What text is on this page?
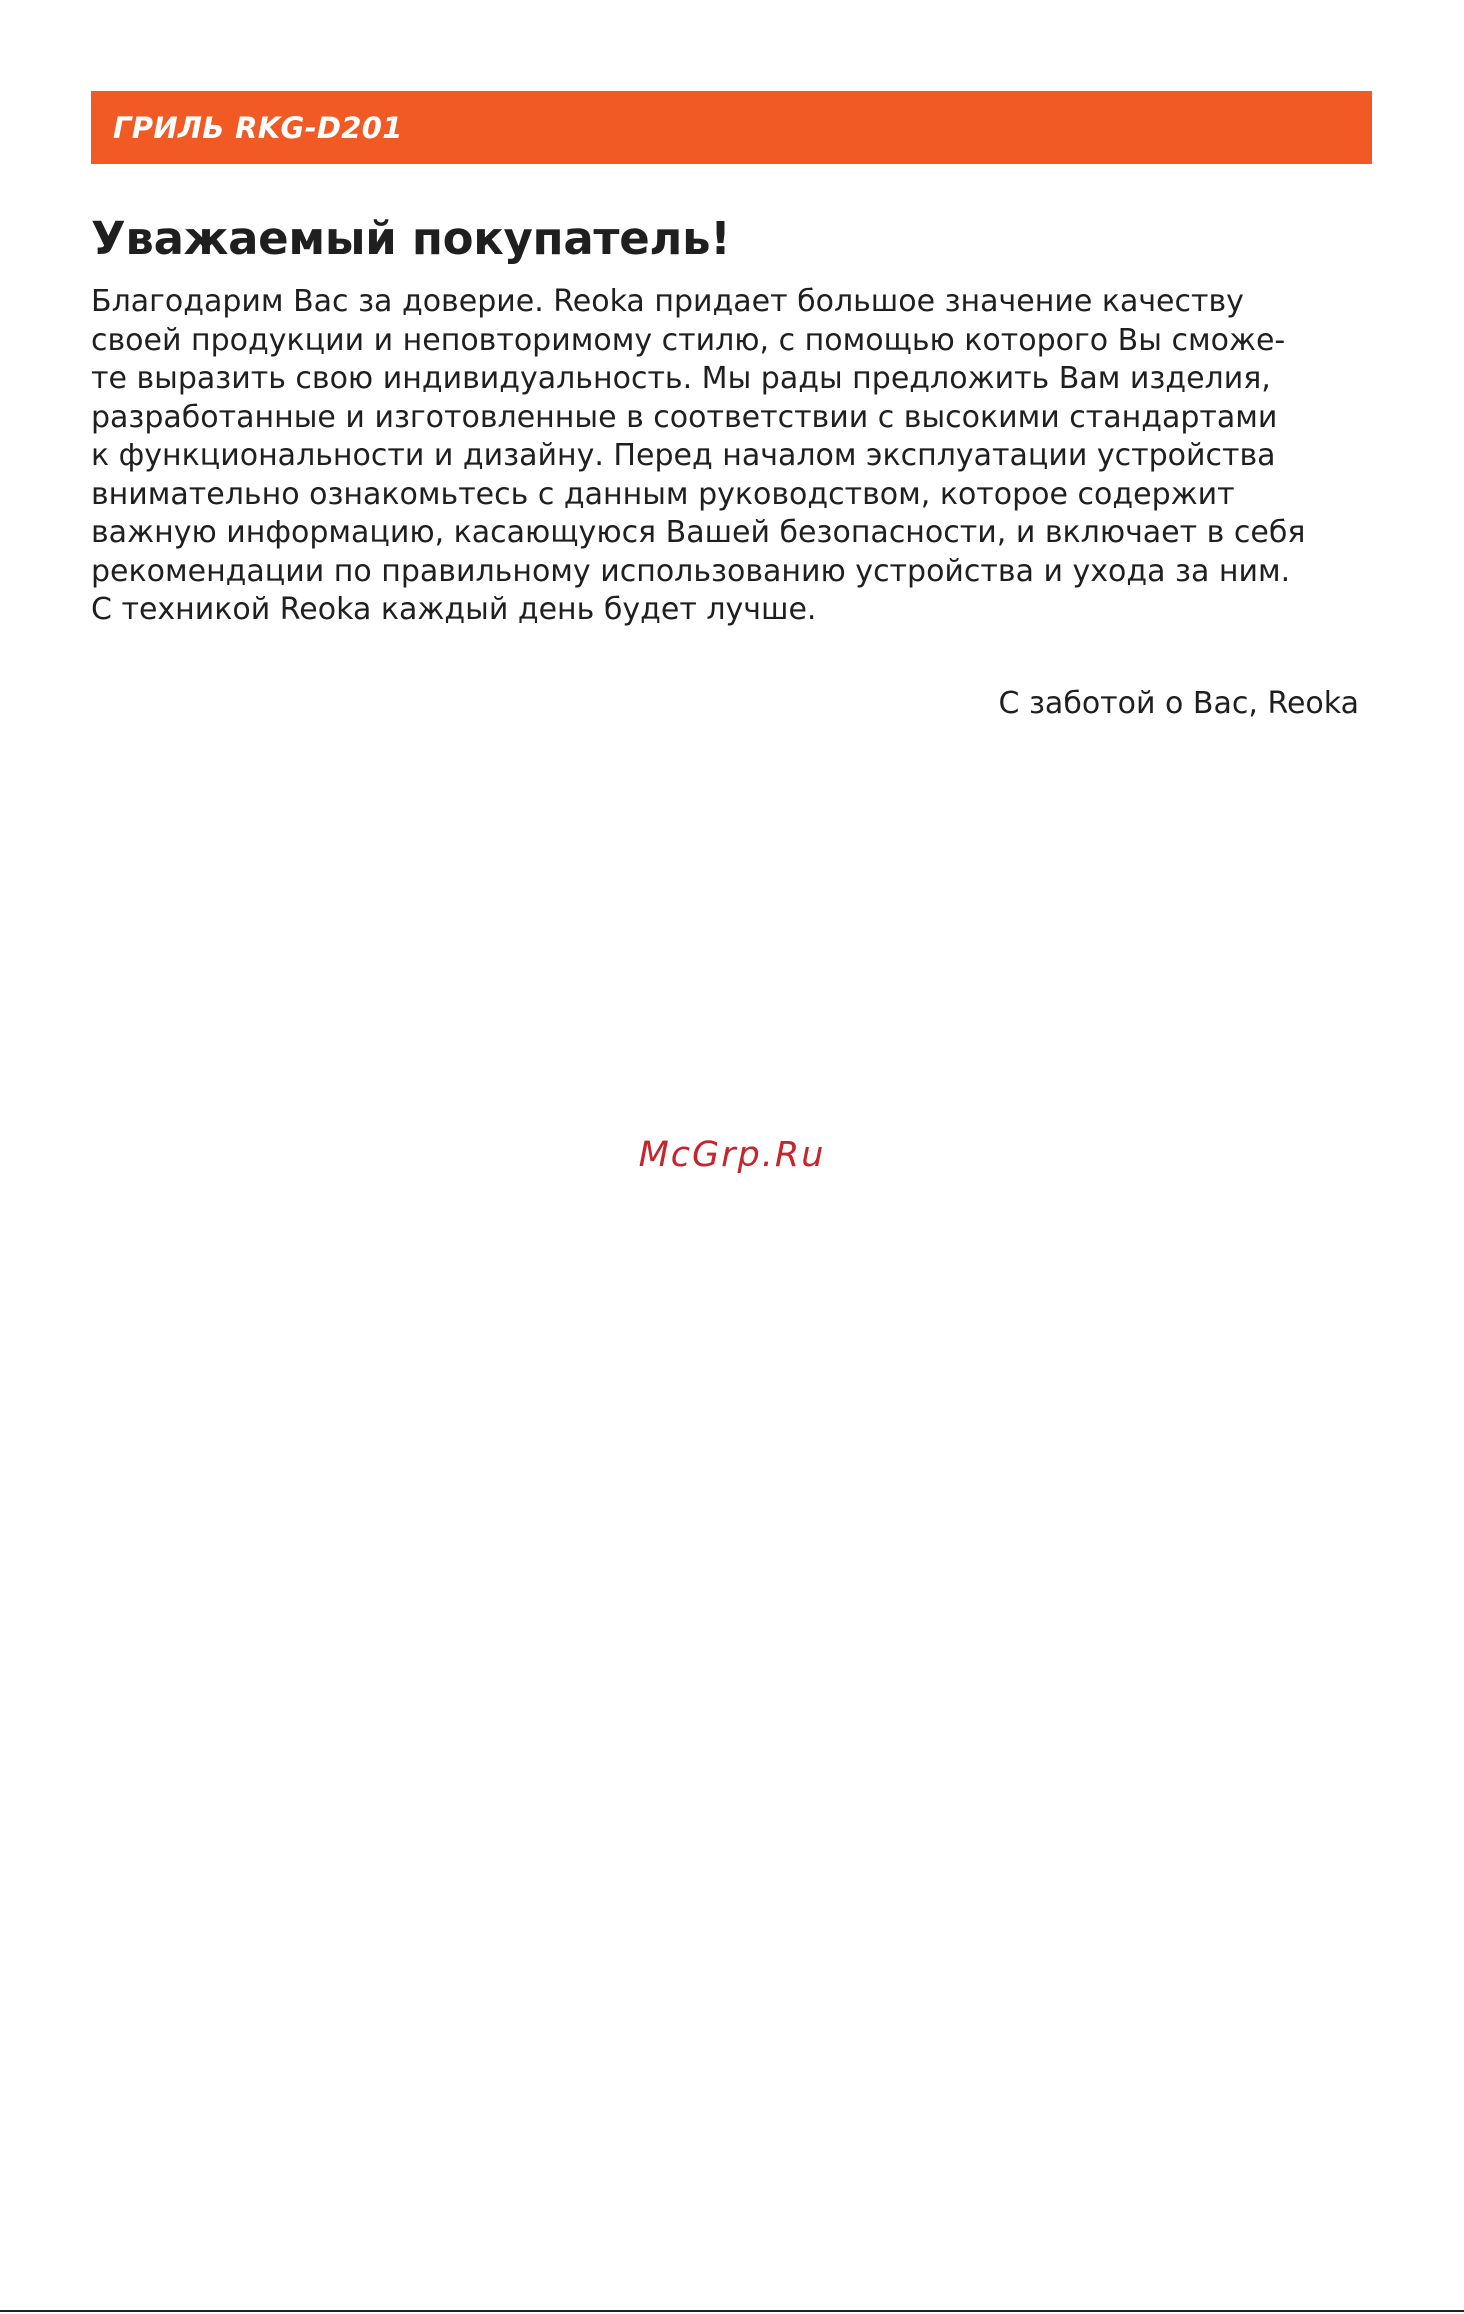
ГРИЛЬ RKG-D201
Уважаемый покупатель!

Благодарим Вас за доверие. Reoka придает большое значение качеству
своей продукции и неповторимому стилю, с помощью которого Вы сможе-
те выразить свою индивидуальность. Мы рады предложить Вам изделия,
разработанные и изготовленные в соответствии с высокими стандартами
к функциональности и дизайну. Перед началом эксплуатации устройства
внимательно ознакомьтесь с данным руководством, которое содержит
важную информацию, касающуюся Вашей безопасности, и включает в себя
рекомендации по правильному использованию устройства и ухода за ним.
С техникой Reoka каждый день будет лучше.

С заботой о Вас, Reoka

McGrp.Ru
